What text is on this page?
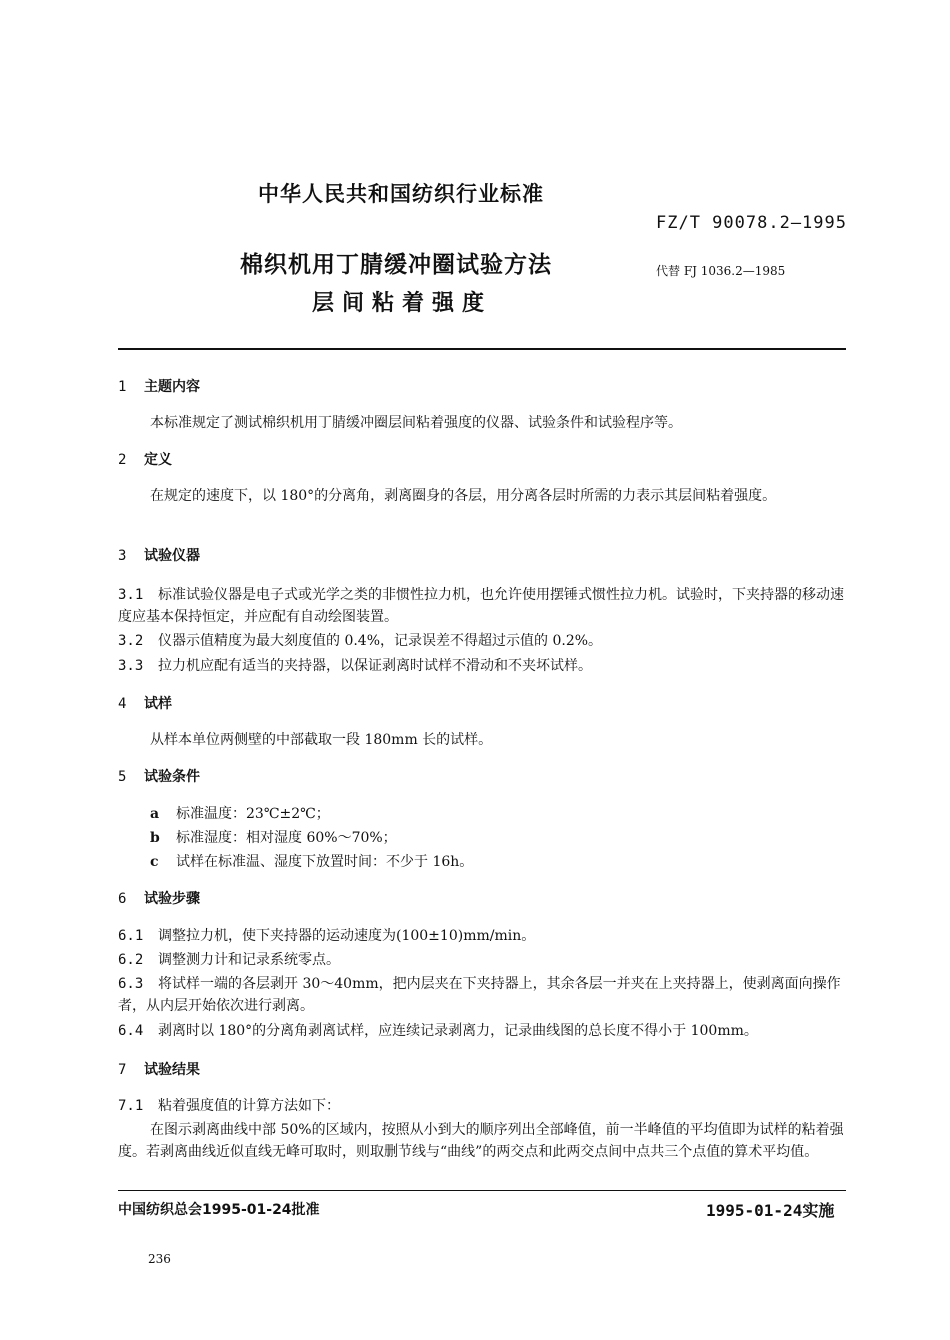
中华人民共和国纺织行业标准
FZ/T 90078.2—1995
棉织机用丁腈缓冲圈试验方法
层间粘着强度
代替 FJ 1036.2—1985
1 主题内容
本标准规定了测试棉织机用丁腈缓冲圈层间粘着强度的仪器、试验条件和试验程序等。
2 定义
在规定的速度下，以 180°的分离角，剥离圈身的各层，用分离各层时所需的力表示其层间粘着强度。
3 试验仪器
3.1 标准试验仪器是电子式或光学之类的非惯性拉力机，也允许使用摆锤式惯性拉力机。试验时，下夹持器的移动速度应基本保持恒定，并应配有自动绘图装置。
3.2 仪器示值精度为最大刻度值的 0.4%，记录误差不得超过示值的 0.2%。
3.3 拉力机应配有适当的夹持器，以保证剥离时试样不滑动和不夹坏试样。
4 试样
从样本单位两侧壁的中部截取一段 180mm 长的试样。
5 试验条件
a 标准温度：23℃±2℃；
b 标准湿度：相对湿度 60%～70%；
c 试样在标准温、湿度下放置时间：不少于 16h。
6 试验步骤
6.1 调整拉力机，使下夹持器的运动速度为(100±10)mm/min。
6.2 调整测力计和记录系统零点。
6.3 将试样一端的各层剥开 30～40mm，把内层夹在下夹持器上，其余各层一并夹在上夹持器上，使剥离面向操作者，从内层开始依次进行剥离。
6.4 剥离时以 180°的分离角剥离试样，应连续记录剥离力，记录曲线图的总长度不得小于 100mm。
7 试验结果
7.1 粘着强度值的计算方法如下：
在图示剥离曲线中部 50%的区域内，按照从小到大的顺序列出全部峰值，前一半峰值的平均值即为试样的粘着强度。若剥离曲线近似直线无峰可取时，则取删节线与“曲线”的两交点和此两交点间中点共三个点值的算术平均值。
中国纺织总会1995-01-24批准	1995-01-24实施
236
